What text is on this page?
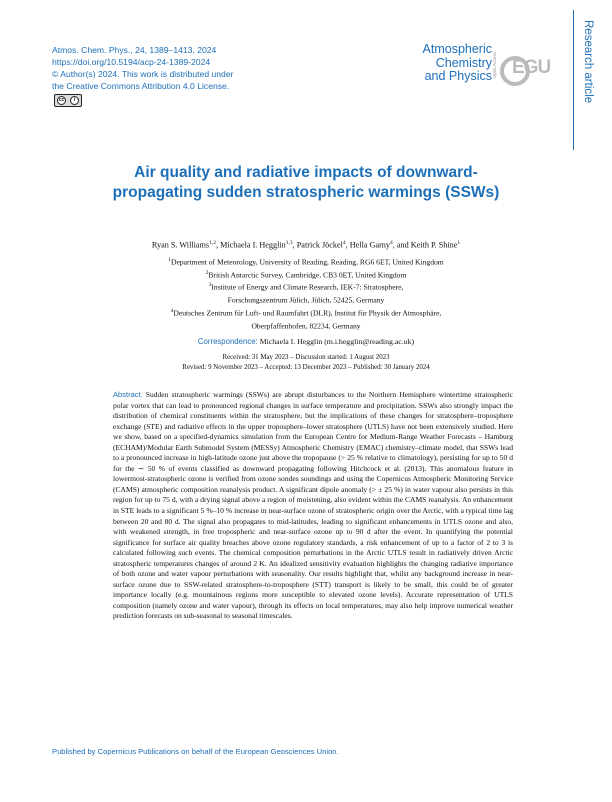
Atmos. Chem. Phys., 24, 1389–1413, 2024
https://doi.org/10.5194/acp-24-1389-2024
© Author(s) 2024. This work is distributed under
the Creative Commons Attribution 4.0 License.
cc	i
Atmospheric
Chemistry
and Physics Open Access EGU	Research article
Air quality and radiative impacts of downward-propagating sudden stratospheric warmings (SSWs)
Ryan S. Williams$^{1,2}$, Michaela I. Hegglin$^{1,3}$, Patrick Jöckel$^4$, Hella Garny$^4$, and Keith P. Shine$^1$
$^1$Department of Meteorology, University of Reading, Reading, RG6 6ET, United Kingdom
$^2$British Antarctic Survey, Cambridge, CB3 0ET, United Kingdom
$^3$Institute of Energy and Climate Research, IEK-7: Stratosphere,
Forschungszentrum Jülich, Jülich, 52425, Germany
$^4$Deutsches Zentrum für Luft- und Raumfahrt (DLR), Institut für Physik der Atmosphäre,
Oberpfaffenhofen, 82234, Germany
Correspondence: Michaela I. Hegglin (m.i.hegglin@reading.ac.uk)
Received: 31 May 2023 – Discussion started: 1 August 2023
Revised: 9 November 2023 – Accepted: 13 December 2023 – Published: 30 January 2024
Abstract. Sudden stratospheric warmings (SSWs) are abrupt disturbances to the Northern Hemisphere wintertime stratospheric polar vortex that can lead to pronounced regional changes in surface temperature and precipitation. SSWs also strongly impact the distribution of chemical constituents within the stratosphere, but the implications of these changes for stratosphere–troposphere exchange (STE) and radiative effects in the upper troposphere–lower stratosphere (UTLS) have not been extensively studied. Here we show, based on a specified-dynamics simulation from the European Centre for Medium-Range Weather Forecasts – Hamburg (ECHAM)/Modular Earth Submodel System (MESSy) Atmospheric Chemistry (EMAC) chemistry–climate model, that SSWs lead to a pronounced increase in high-latitude ozone just above the tropopause (> 25 % relative to climatology), persisting for up to 50 d for the ∼ 50 % of events classified as downward propagating following Hitchcock et al. (2013). This anomalous feature in lowermost-stratospheric ozone is verified from ozone sondes soundings and using the Copernicus Atmospheric Monitoring Service (CAMS) atmospheric composition reanalysis product. A significant dipole anomaly (> ± 25 %) in water vapour also persists in this region for up to 75 d, with a drying signal above a region of moistening, also evident within the CAMS reanalysis. An enhancement in STE leads to a significant 5 %–10 % increase in near-surface ozone of stratospheric origin over the Arctic, with a typical time lag between 20 and 80 d. The signal also propagates to mid-latitudes, leading to significant enhancements in UTLS ozone and also, with weakened strength, in free tropospheric and near-surface ozone up to 90 d after the event. In quantifying the potential significance for surface air quality breaches above ozone regulatory standards, a risk enhancement of up to a factor of 2 to 3 is calculated following such events. The chemical composition perturbations in the Arctic UTLS result in radiatively driven Arctic stratospheric temperatures changes of around 2 K. An idealized sensitivity evaluation highlights the changing radiative importance of both ozone and water vapour perturbations with seasonality. Our results highlight that, whilst any background increase in near-surface ozone due to SSW-related stratosphere-to-troposphere (STT) transport is likely to be small, this could be of greater importance locally (e.g. mountainous regions more susceptible to elevated ozone levels). Accurate representation of UTLS composition (namely ozone and water vapour), through its effects on local temperatures, may also help improve numerical weather prediction forecasts on sub-seasonal to seasonal timescales.
Published by Copernicus Publications on behalf of the European Geosciences Union.
